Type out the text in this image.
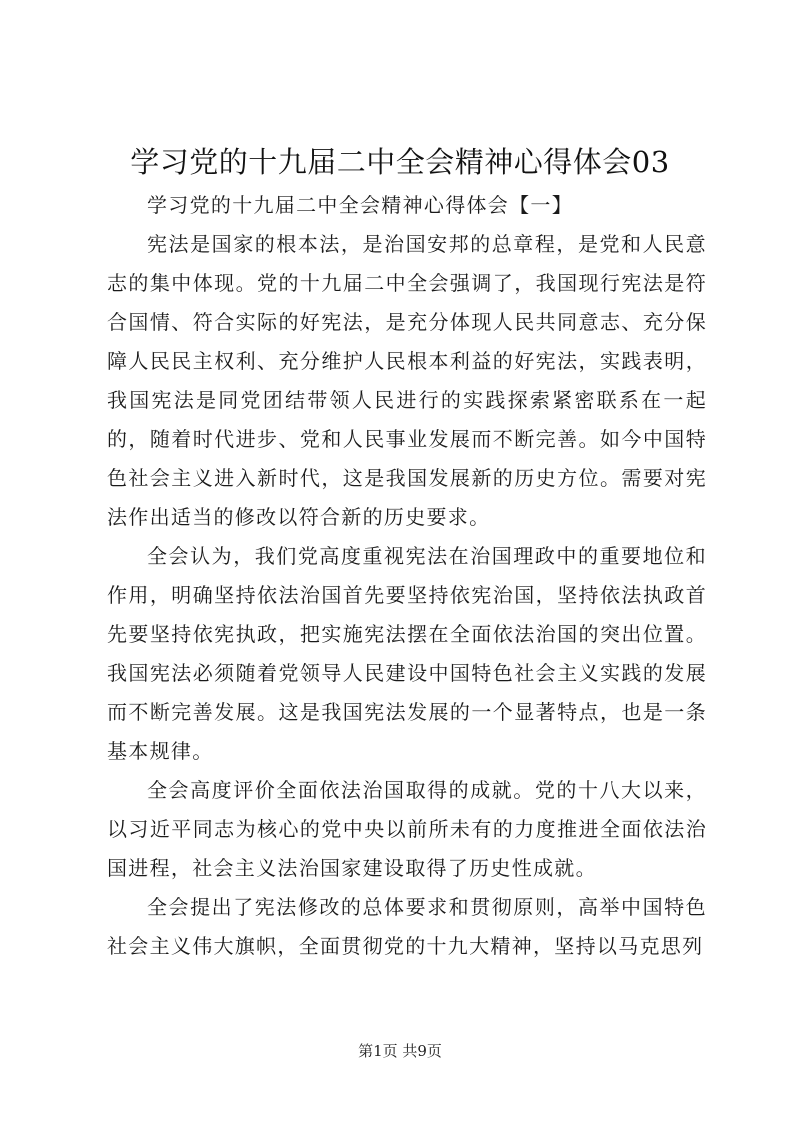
学习党的十九届二中全会精神心得体会03

学习党的十九届二中全会精神心得体会【一】

宪法是国家的根本法，是治国安邦的总章程，是党和人民意志的集中体现。党的十九届二中全会强调了，我国现行宪法是符合国情、符合实际的好宪法，是充分体现人民共同意志、充分保障人民民主权利、充分维护人民根本利益的好宪法，实践表明，我国宪法是同党团结带领人民进行的实践探索紧密联系在一起的，随着时代进步、党和人民事业发展而不断完善。如今中国特色社会主义进入新时代，这是我国发展新的历史方位。需要对宪法作出适当的修改以符合新的历史要求。

全会认为，我们党高度重视宪法在治国理政中的重要地位和作用，明确坚持依法治国首先要坚持依宪治国，坚持依法执政首先要坚持依宪执政，把实施宪法摆在全面依法治国的突出位置。我国宪法必须随着党领导人民建设中国特色社会主义实践的发展而不断完善发展。这是我国宪法发展的一个显著特点，也是一条基本规律。

全会高度评价全面依法治国取得的成就。党的十八大以来，以习近平同志为核心的党中央以前所未有的力度推进全面依法治国进程，社会主义法治国家建设取得了历史性成就。

全会提出了宪法修改的总体要求和贯彻原则，高举中国特色社会主义伟大旗帜，全面贯彻党的十九大精神，坚持以马克思列

第1页 共9页
